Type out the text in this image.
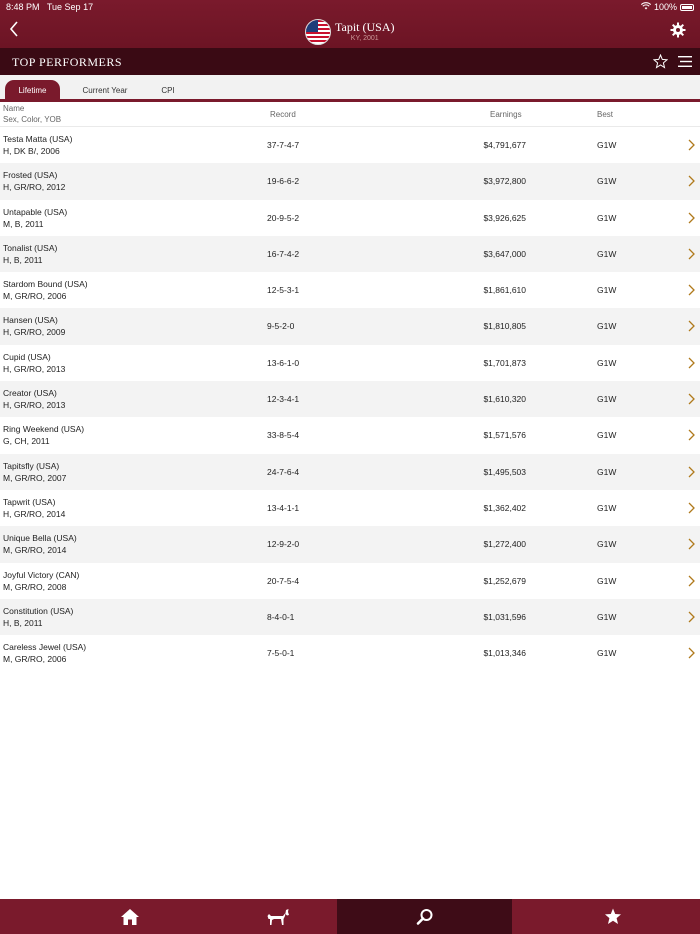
8:48 PM Tue Sep 17	100%
Tapit (USA)
KY, 2001
TOP PERFORMERS
Lifetime	Current Year	CPI
Name
Sex, Color, YOB
Record	Earnings	Best
Testa Matta (USA)
H, DK B/, 2006
37-7-4-7	$4,791,677	G1W
Frosted (USA)
H, GR/RO, 2012
19-6-6-2	$3,972,800	G1W
Untapable (USA)
M, B, 2011
20-9-5-2	$3,926,625	G1W
Tonalist (USA)
H, B, 2011
16-7-4-2	$3,647,000	G1W
Stardom Bound (USA)
M, GR/RO, 2006
12-5-3-1	$1,861,610	G1W
Hansen (USA)
H, GR/RO, 2009
9-5-2-0	$1,810,805	G1W
Cupid (USA)
H, GR/RO, 2013
13-6-1-0	$1,701,873	G1W
Creator (USA)
H, GR/RO, 2013
12-3-4-1	$1,610,320	G1W
Ring Weekend (USA)
G, CH, 2011
33-8-5-4	$1,571,576	G1W
Tapitsfly (USA)
M, GR/RO, 2007
24-7-6-4	$1,495,503	G1W
Tapwrit (USA)
H, GR/RO, 2014
13-4-1-1	$1,362,402	G1W
Unique Bella (USA)
M, GR/RO, 2014
12-9-2-0	$1,272,400	G1W
Joyful Victory (CAN)
M, GR/RO, 2008
20-7-5-4	$1,252,679	G1W
Constitution (USA)
H, B, 2011
8-4-0-1	$1,031,596	G1W
Careless Jewel (USA)
M, GR/RO, 2006
7-5-0-1	$1,013,346	G1W
